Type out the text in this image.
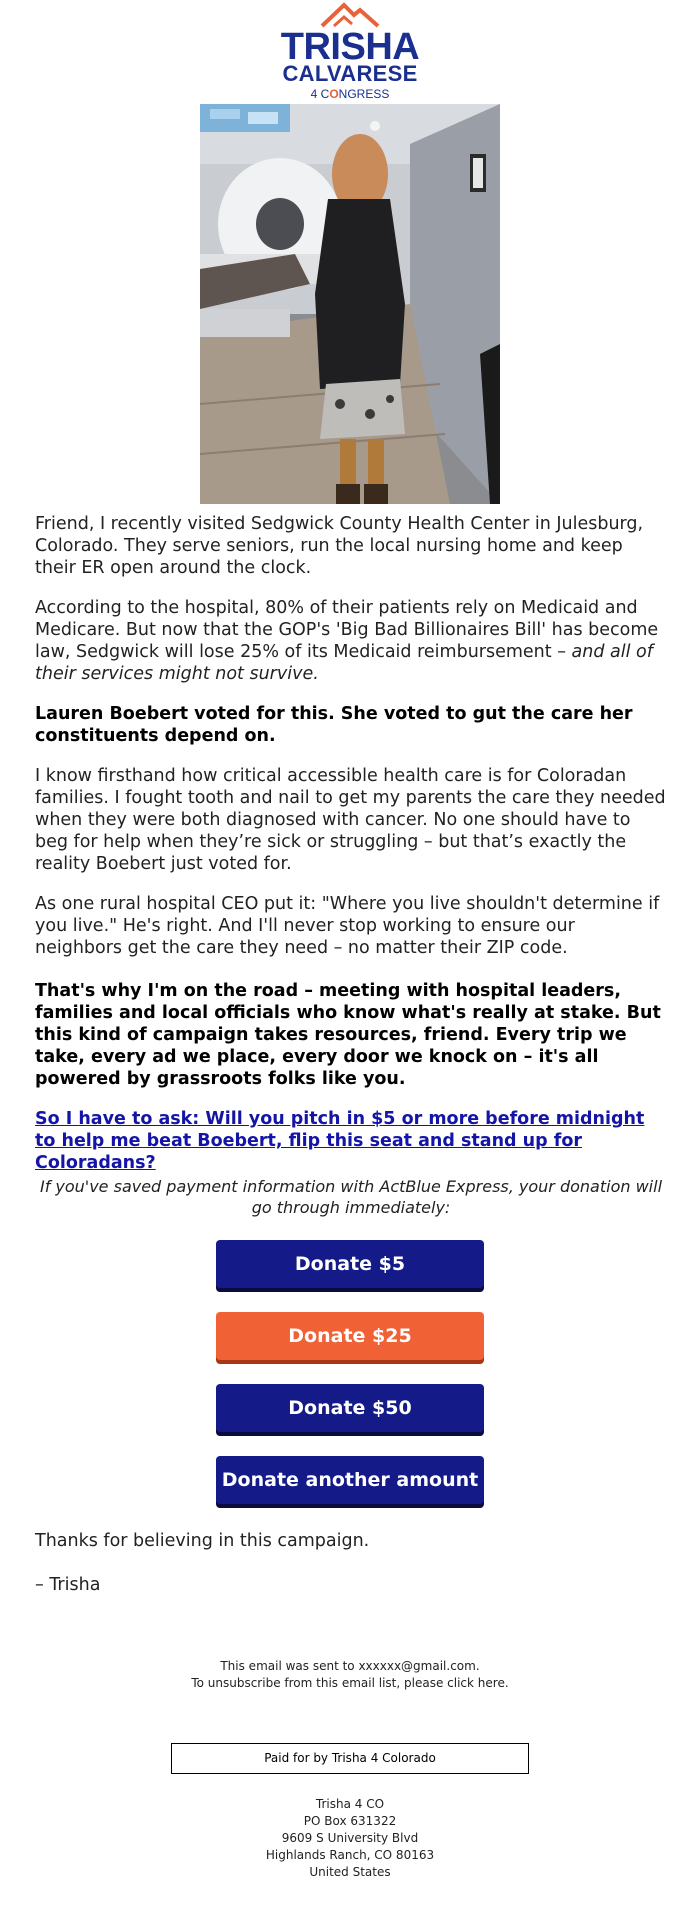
TRISHA
CALVARESE
4 CONGRESS
Friend, I recently visited Sedgwick County Health Center in Julesburg, Colorado. They serve seniors, run the local nursing home and keep their ER open around the clock.
According to the hospital, 80% of their patients rely on Medicaid and Medicare. But now that the GOP's 'Big Bad Billionaires Bill' has become law, Sedgwick will lose 25% of its Medicaid reimbursement – and all of their services might not survive.
Lauren Boebert voted for this. She voted to gut the care her constituents depend on.
I know firsthand how critical accessible health care is for Coloradan families. I fought tooth and nail to get my parents the care they needed when they were both diagnosed with cancer. No one should have to beg for help when they’re sick or struggling – but that’s exactly the reality Boebert just voted for.
As one rural hospital CEO put it: "Where you live shouldn't determine if you live." He's right. And I'll never stop working to ensure our neighbors get the care they need – no matter their ZIP code.
That's why I'm on the road – meeting with hospital leaders, families and local officials who know what's really at stake. But this kind of campaign takes resources, friend. Every trip we take, every ad we place, every door we knock on – it's all powered by grassroots folks like you.
So I have to ask: Will you pitch in $5 or more before midnight to help me beat Boebert, flip this seat and stand up for Coloradans?
If you've saved payment information with ActBlue Express, your donation will go through immediately:
Donate $5
Donate $25
Donate $50
Donate another amount
Thanks for believing in this campaign.
– Trisha
This email was sent to xxxxxx@gmail.com.
To unsubscribe from this email list, please click here.
Paid for by Trisha 4 Colorado
Trisha 4 CO
PO Box 631322
9609 S University Blvd
Highlands Ranch, CO 80163
United States
